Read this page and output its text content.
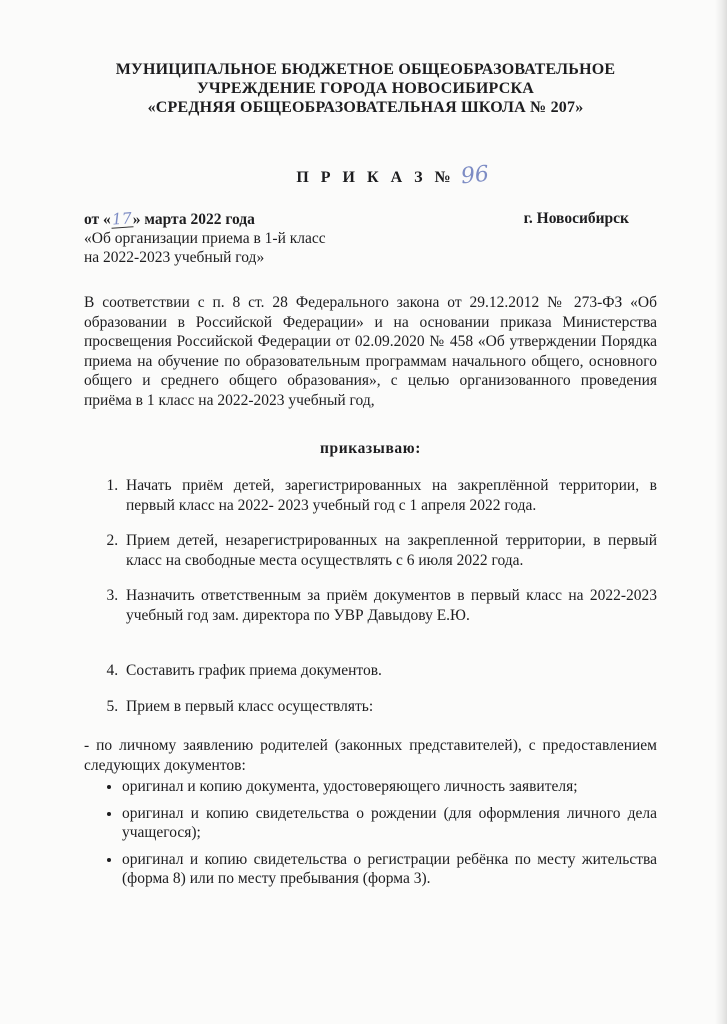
МУНИЦИПАЛЬНОЕ БЮДЖЕТНОЕ ОБЩЕОБРАЗОВАТЕЛЬНОЕ
УЧРЕЖДЕНИЕ ГОРОДА НОВОСИБИРСКА
«СРЕДНЯЯ ОБЩЕОБРАЗОВАТЕЛЬНАЯ ШКОЛА № 207»
П Р И К А З № 96
от «17» марта 2022 года
«Об организации приема в 1-й класс
на 2022-2023 учебный год»
г. Новосибирск
В соответствии с п. 8 ст. 28 Федерального закона от 29.12.2012 № 273-ФЗ «Об образовании в Российской Федерации» и на основании приказа Министерства просвещения Российской Федерации от 02.09.2020 № 458 «Об утверждении Порядка приема на обучение по образовательным программам начального общего, основного общего и среднего общего образования», с целью организованного проведения приёма в 1 класс на 2022-2023 учебный год,
приказываю:
1. Начать приём детей, зарегистрированных на закреплённой территории, в первый класс на 2022- 2023 учебный год с 1 апреля 2022 года.
2. Прием детей, незарегистрированных на закрепленной территории, в первый класс на свободные места осуществлять с 6 июля 2022 года.
3. Назначить ответственным за приём документов в первый класс на 2022-2023 учебный год зам. директора по УВР Давыдову Е.Ю.
4. Составить график приема документов.
5. Прием в первый класс осуществлять:
- по личному заявлению родителей (законных представителей), с предоставлением следующих документов:
• оригинал и копию документа, удостоверяющего личность заявителя;
• оригинал и копию свидетельства о рождении (для оформления личного дела учащегося);
• оригинал и копию свидетельства о регистрации ребёнка по месту жительства (форма 8) или по месту пребывания (форма 3).
